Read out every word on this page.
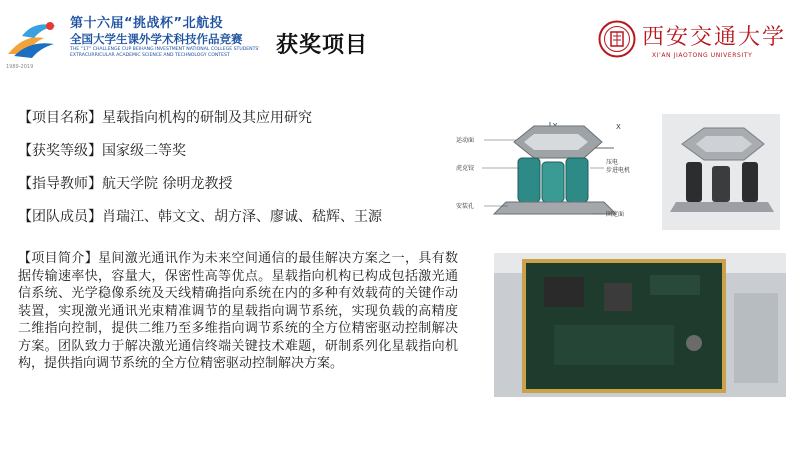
第十六届“挑战杯”北航投
全国大学生课外学术科技作品竞赛
THE “17” CHALLENGE CUP BEIHANG INVESTMENT NATIONAL COLLEGE STUDENTS'
EXTRACURRICULAR ACADEMIC SCIENCE AND TECHNOLOGY CONTEST
1989-2019
获奖项目	西安交通大学
XI'AN JIAOTONG UNIVERSITY
【项目名称】星载指向机构的研制及其应用研究
【获奖等级】国家级二等奖
【指导教师】航天学院 徐明龙教授
【团队成员】肖瑞江、韩文文、胡方泽、廖诚、嵇辉、王源
【项目简介】星间激光通讯作为未来空间通信的最佳解决方案之一，具有数据传输速率快，容量大，保密性高等优点。星载指向机构已构成包括激光通信系统、光学稳像系统及天线精确指向系统在内的多种有效载荷的关键作动装置，实现激光通讯光束精准调节的星载指向调节系统，实现负载的高精度二维指向控制，提供二维乃至多维指向调节系统的全方位精密驱动控制解决方案。团队致力于解决激光通信终端关键技术难题，研制系列化星载指向机构，提供指向调节系统的全方位精密驱动控制解决方案。
X
运动面
虎克铰
压电
步进电机
安装孔
固定面
